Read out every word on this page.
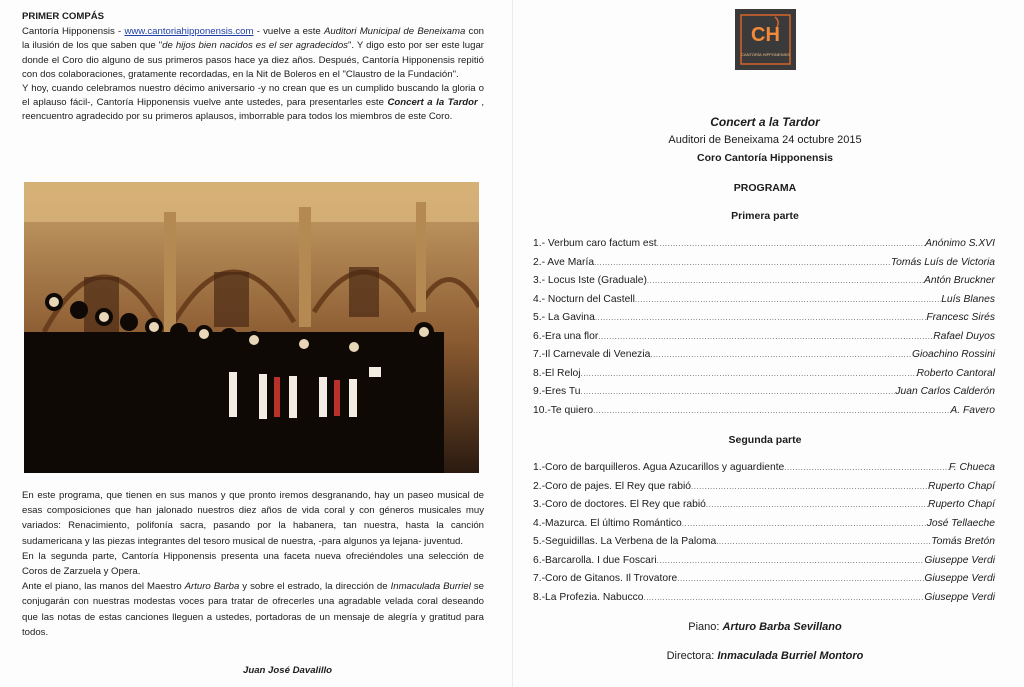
PRIMER COMPÁS

Cantoría Hipponensis - www.cantoriahipponensis.com - vuelve a este Auditori Municipal de Beneixama con la ilusión de los que saben que "de hijos bien nacidos es el ser agradecidos". Y digo esto por ser este lugar donde el Coro dio alguno de sus primeros pasos hace ya diez años. Después, Cantoría Hipponensis repitió con dos colaboraciones, gratamente recordadas, en la Nit de Boleros en el "Claustro de la Fundación".

Y hoy, cuando celebramos nuestro décimo aniversario -y no crean que es un cumplido buscando la gloria o el aplauso fácil-, Cantoría Hipponensis vuelve ante ustedes, para presentarles este Concert a la Tardor , reencuentro agradecido por su primeros aplausos, imborrable para todos los miembros de este Coro.

En este programa, que tienen en sus manos y que pronto iremos desgranando, hay un paseo musical de esas composiciones que han jalonado nuestros diez años de vida coral y con géneros musicales muy variados: Renacimiento, polifonía sacra, pasando por la habanera, tan nuestra, hasta la canción sudamericana y las piezas integrantes del tesoro musical de nuestra, -para algunos ya lejana- juventud.

En la segunda parte, Cantoría Hipponensis presenta una faceta nueva ofreciéndoles una selección de Coros de Zarzuela y Opera.

Ante el piano, las manos del Maestro Arturo Barba y sobre el estrado, la dirección de Inmaculada Burriel se conjugarán con nuestras modestas voces para tratar de ofrecerles una agradable velada coral deseando que las notas de estas canciones lleguen a ustedes, portadoras de un mensaje de alegría y gratitud para todos.

Juan José Davalillo
CH
CANTORÍA HIPPONENSIS
Concert a la Tardor
Auditori de Beneixama 24 octubre 2015
Coro Cantoría Hipponensis
PROGRAMA
Primera parte
1.- Verbum caro factum est .....	Anónimo S.XVI
2.- Ave María .....	Tomás Luís de Victoria
3.- Locus Iste (Graduale) .....	Antón Bruckner
4.- Nocturn del Castell .....	Luís Blanes
5.- La Gavina .....	Francesc Sirés
6.-Era una flor .....	Rafael Duyos
7.-Il Carnevale di Venezia .....	Gioachino Rossini
8.-El Reloj .....	Roberto Cantoral
9.-Eres Tu .....	Juan Carlos Calderón
10.-Te quiero .....	A. Favero
Segunda parte
1.-Coro de barquilleros. Agua Azucarillos y aguardiente .....	F. Chueca
2.-Coro de pajes. El Rey que rabió .....	Ruperto Chapí
3.-Coro de doctores. El Rey que rabió .....	Ruperto Chapí
4.-Mazurca. El último Romántico .....	José Tellaeche
5.-Seguidillas. La Verbena de la Paloma .....	Tomás Bretón
6.-Barcarolla. I due Foscari .....	Giuseppe Verdi
7.-Coro de Gitanos. Il Trovatore .....	Giuseppe Verdi
8.-La Profezia. Nabucco .....	Giuseppe Verdi
Piano: Arturo Barba Sevillano
Directora: Inmaculada Burriel Montoro
